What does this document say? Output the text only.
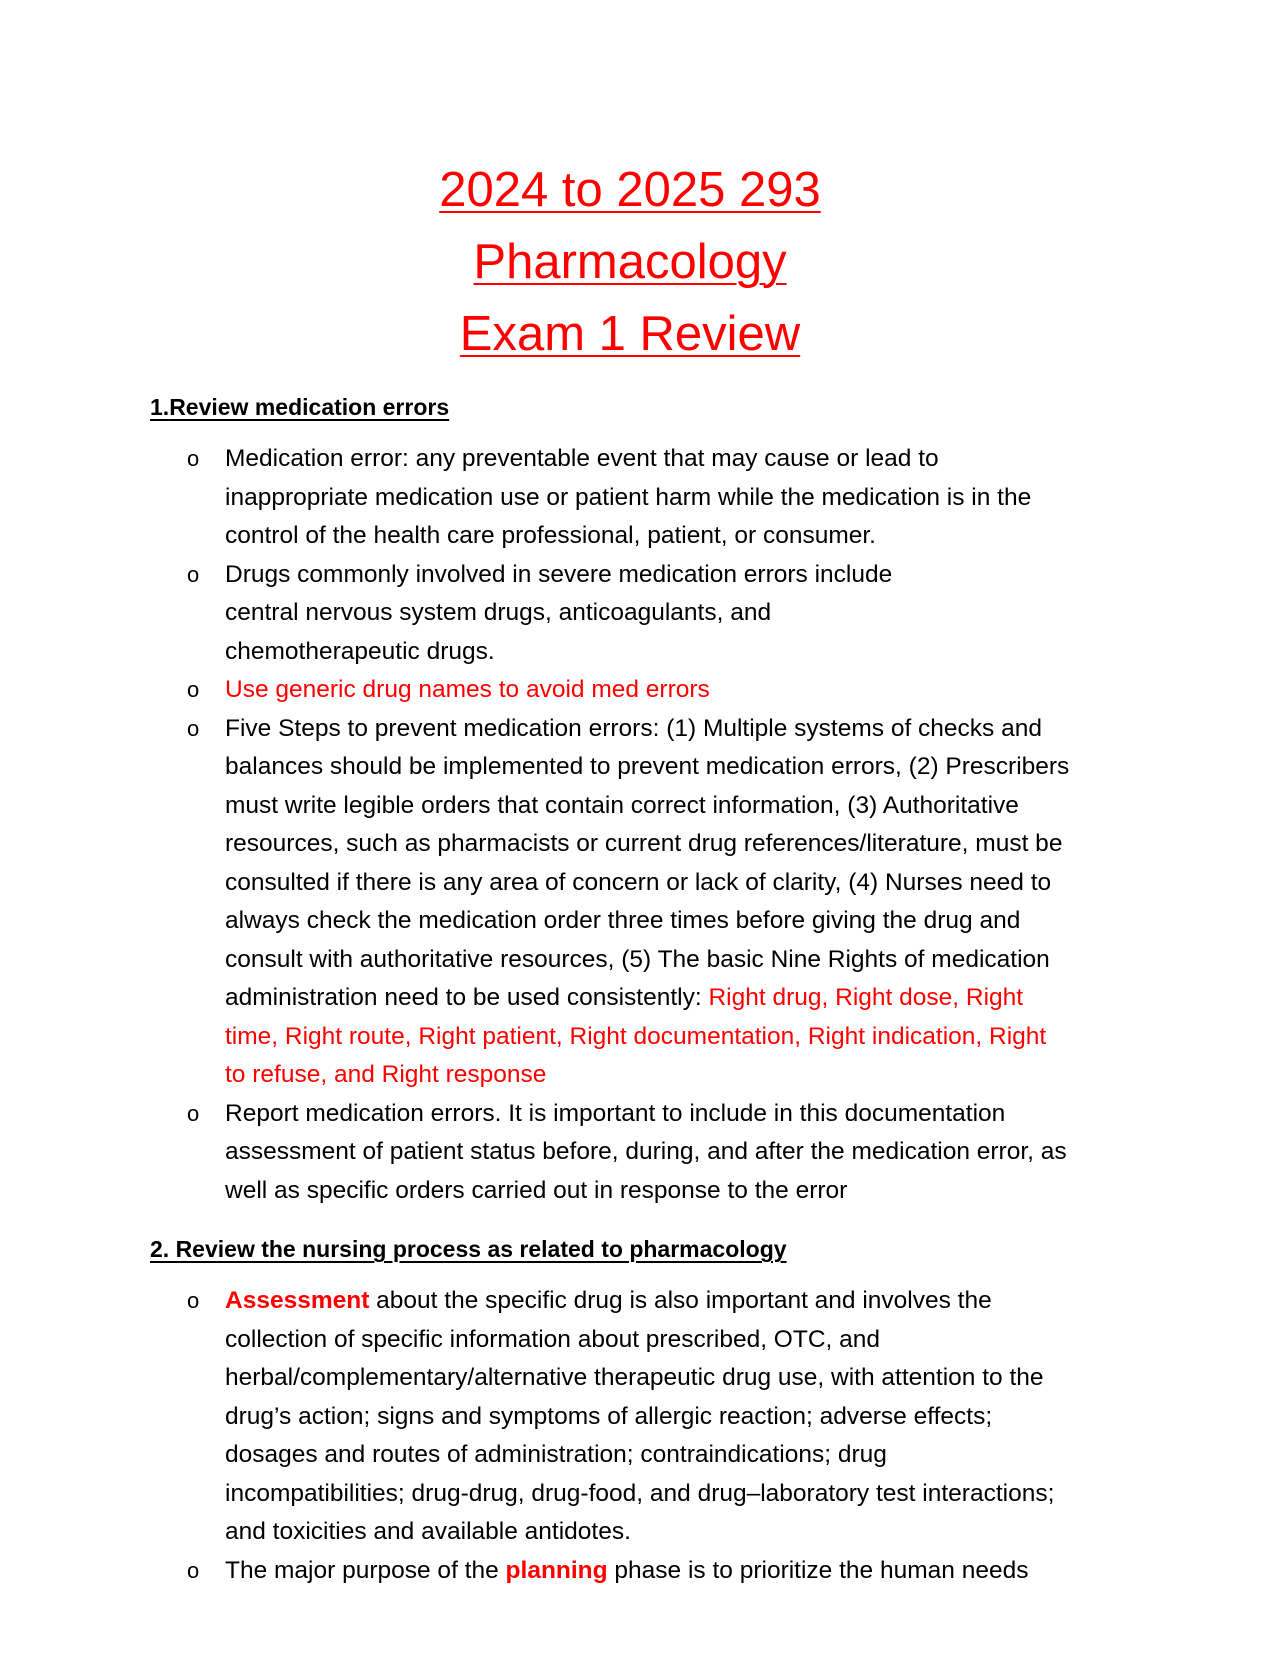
2024 to 2025 293
Pharmacology
Exam 1 Review
1.Review medication errors
o Medication error: any preventable event that may cause or lead to inappropriate medication use or patient harm while the medication is in the control of the health care professional, patient, or consumer.
o Drugs commonly involved in severe medication errors include central nervous system drugs, anticoagulants, and chemotherapeutic drugs.
o Use generic drug names to avoid med errors
o Five Steps to prevent medication errors: (1) Multiple systems of checks and balances should be implemented to prevent medication errors, (2) Prescribers must write legible orders that contain correct information, (3) Authoritative resources, such as pharmacists or current drug references/literature, must be consulted if there is any area of concern or lack of clarity, (4) Nurses need to always check the medication order three times before giving the drug and consult with authoritative resources, (5) The basic Nine Rights of medication administration need to be used consistently: Right drug, Right dose, Right time, Right route, Right patient, Right documentation, Right indication, Right to refuse, and Right response
o Report medication errors. It is important to include in this documentation assessment of patient status before, during, and after the medication error, as well as specific orders carried out in response to the error
2. Review the nursing process as related to pharmacology
o Assessment about the specific drug is also important and involves the collection of specific information about prescribed, OTC, and herbal/complementary/alternative therapeutic drug use, with attention to the drug’s action; signs and symptoms of allergic reaction; adverse effects; dosages and routes of administration; contraindications; drug incompatibilities; drug-drug, drug-food, and drug–laboratory test interactions; and toxicities and available antidotes.
o The major purpose of the planning phase is to prioritize the human needs
